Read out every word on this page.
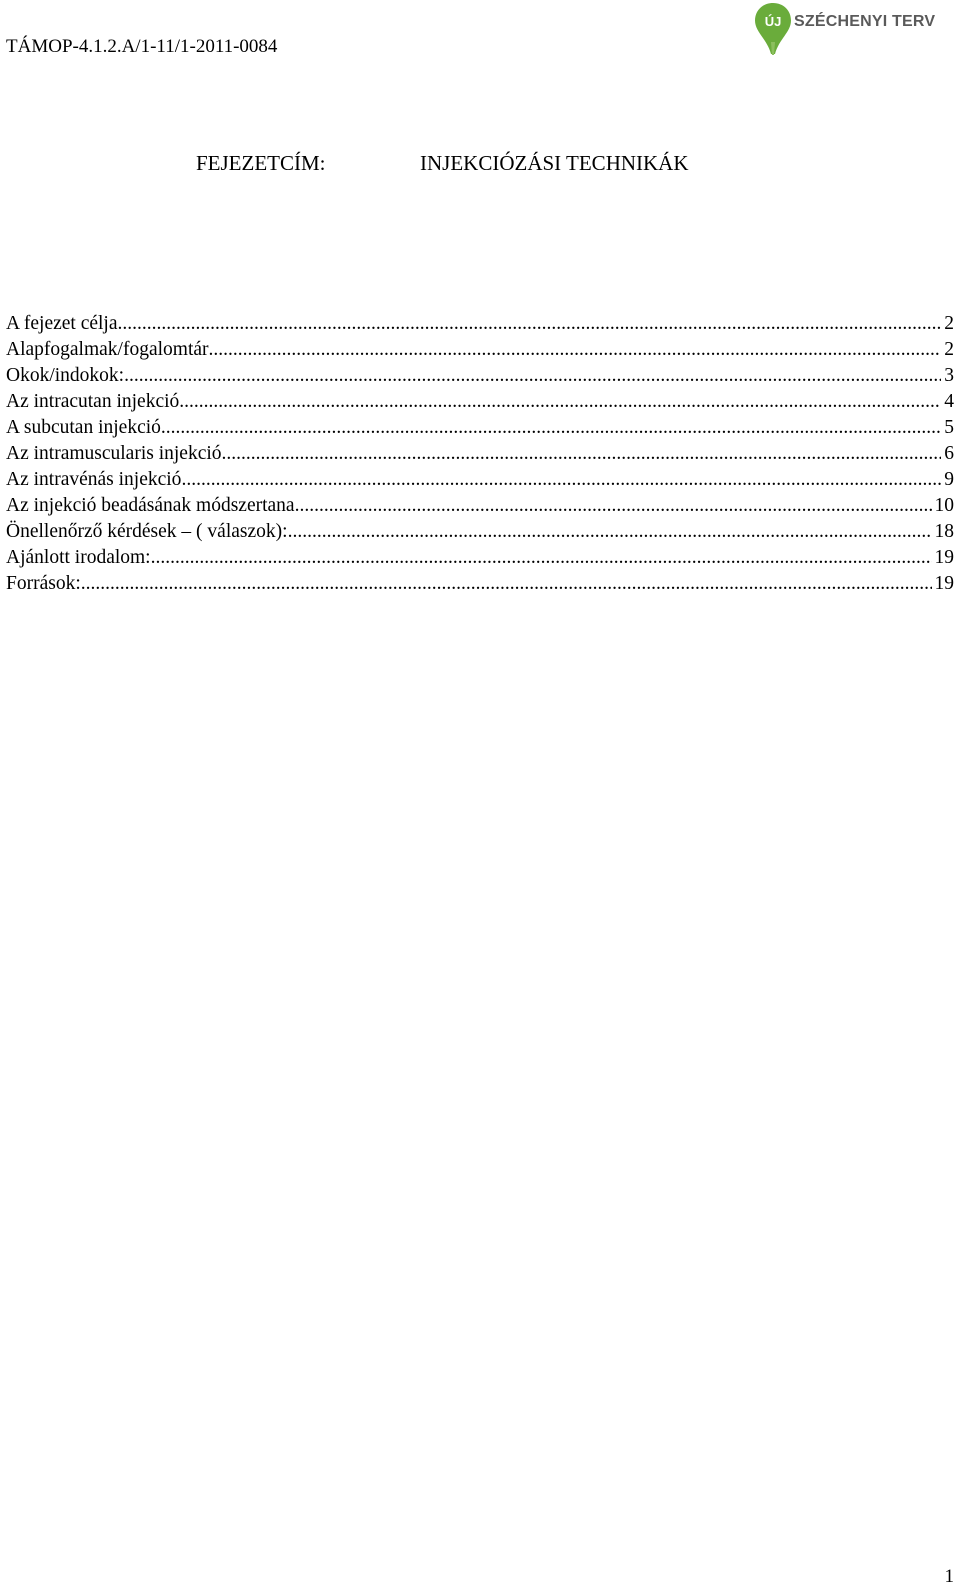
TÁMOP-4.1.2.A/1-11/1-2011-0084
ÚJ SZÉCHENYI TERV
FEJEZETCÍM:	INJEKCIÓZÁSI TECHNIKÁK
A fejezet célja .....	2
Alapfogalmak/fogalomtár .....	2
Okok/indokok: .....	3
Az intracutan injekció .....	4
A subcutan injekció .....	5
Az intramuscularis injekció .....	6
Az intravénás injekció .....	9
Az injekció beadásának módszertana .....	10
Önellenőrző kérdések – ( válaszok): .....	18
Ajánlott irodalom: .....	19
Források: .....	19
1
